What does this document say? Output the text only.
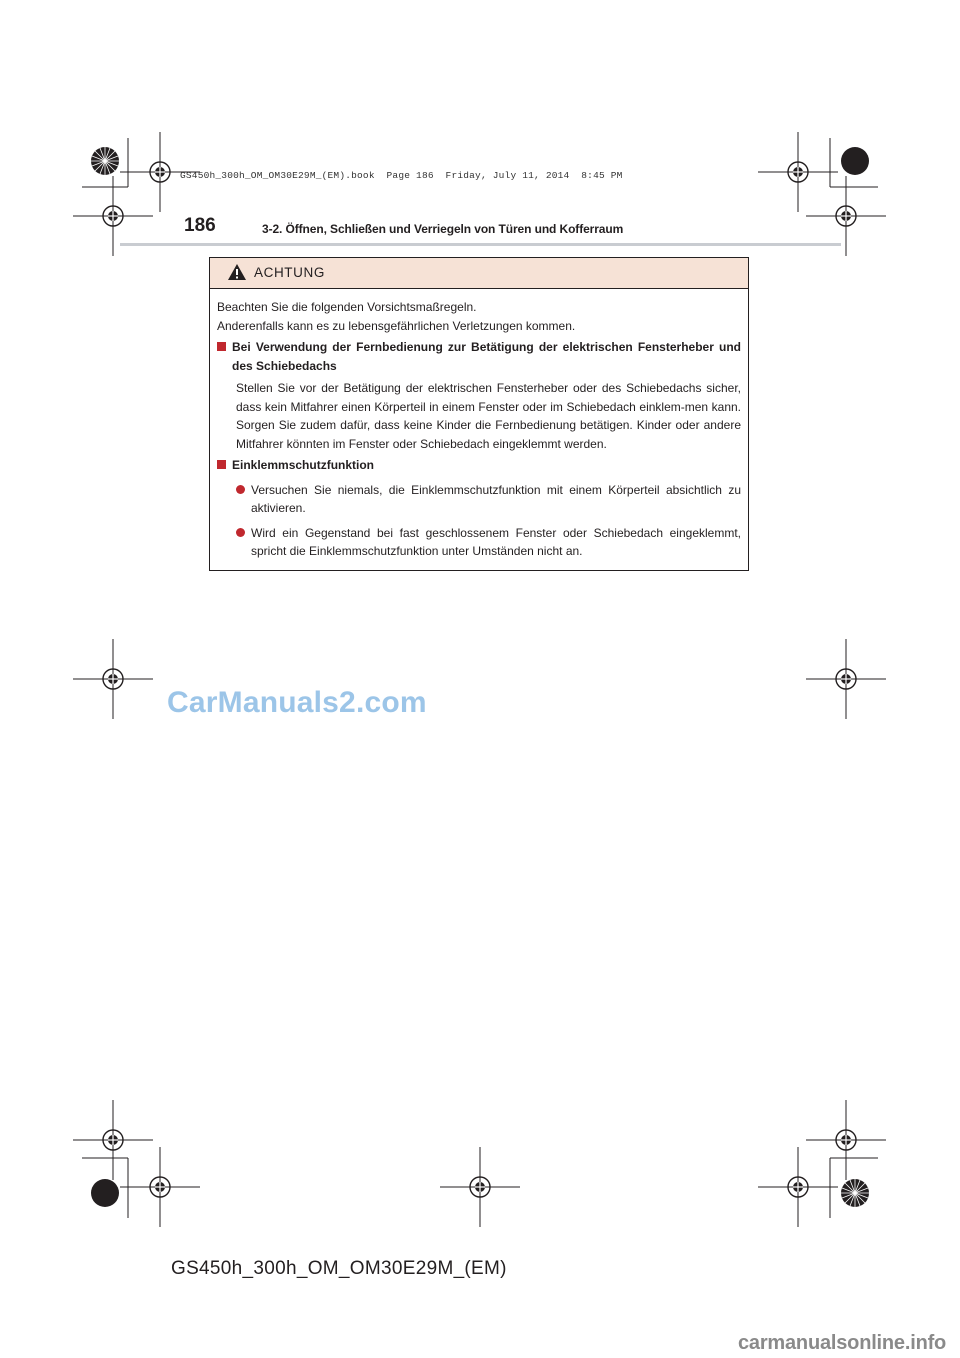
GS450h_300h_OM_OM30E29M_(EM).book  Page 186  Friday, July 11, 2014  8:45 PM
186	3-2. Öffnen, Schließen und Verriegeln von Türen und Kofferraum
ACHTUNG

Beachten Sie die folgenden Vorsichtsmaßregeln.

Anderenfalls kann es zu lebensgefährlichen Verletzungen kommen.

Bei Verwendung der Fernbedienung zur Betätigung der elektrischen Fensterheber und des Schiebedachs

Stellen Sie vor der Betätigung der elektrischen Fensterheber oder des Schiebedachs sicher, dass kein Mitfahrer einen Körperteil in einem Fenster oder im Schiebedach einklem-men kann. Sorgen Sie zudem dafür, dass keine Kinder die Fernbedienung betätigen. Kinder oder andere Mitfahrer könnten im Fenster oder Schiebedach eingeklemmt werden.

Einklemmschutzfunktion
Versuchen Sie niemals, die Einklemmschutzfunktion mit einem Körperteil absichtlich zu aktivieren.
Wird ein Gegenstand bei fast geschlossenem Fenster oder Schiebedach eingeklemmt, spricht die Einklemmschutzfunktion unter Umständen nicht an.
CarManuals2.com
GS450h_300h_OM_OM30E29M_(EM)
carmanualsonline.info
